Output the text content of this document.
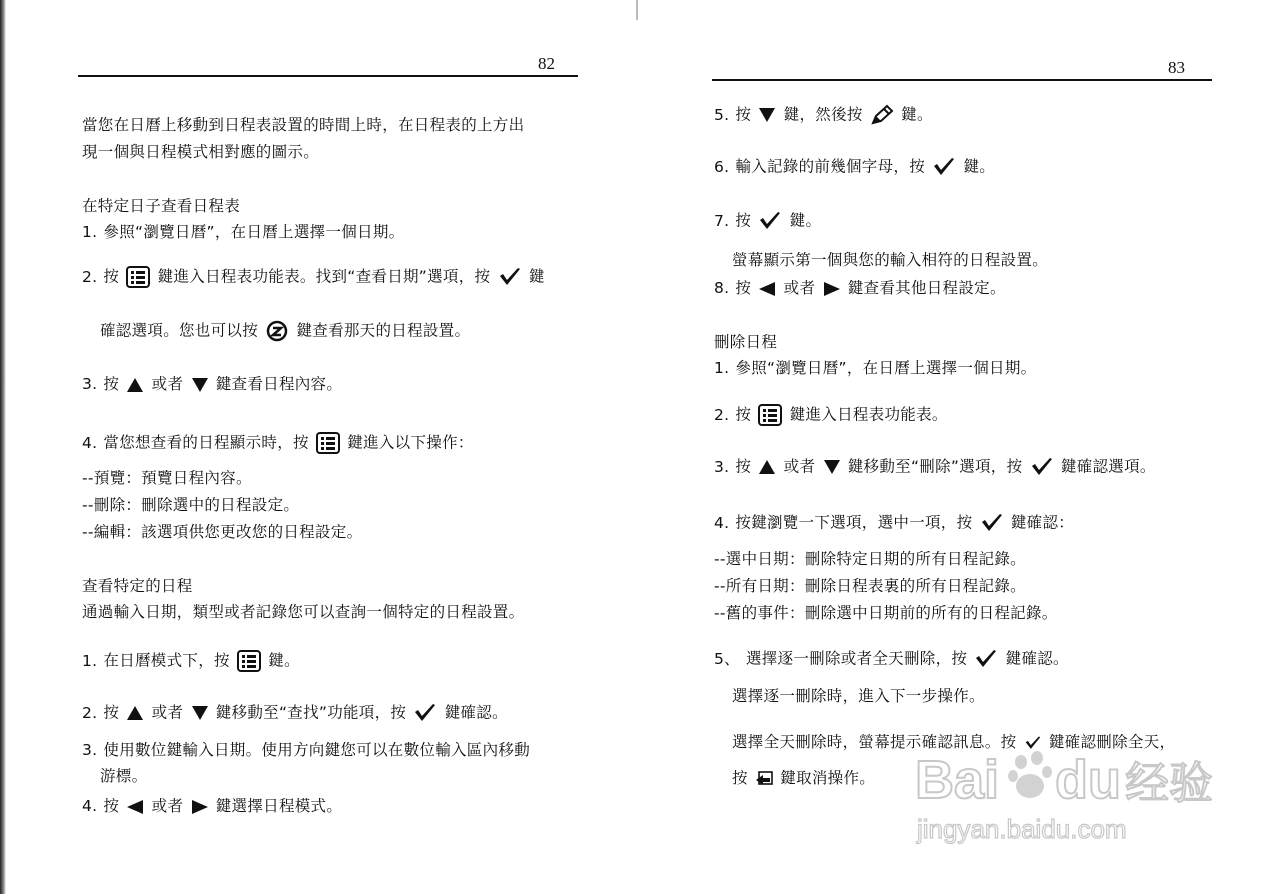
82
當您在日曆上移動到日程表設置的時間上時，在日程表的上方出
現一個與日程模式相對應的圖示。
在特定日子查看日程表
1. 參照“瀏覽日曆”，在日曆上選擇一個日期。
2. 按 鍵進入日程表功能表。找到“查看日期”選項，按 鍵
確認選項。您也可以按 鍵查看那天的日程設置。
3. 按 或者 鍵查看日程內容。
4. 當您想查看的日程顯示時，按 鍵進入以下操作：
--預覽：預覽日程內容。
--刪除：刪除選中的日程設定。
--編輯：該選項供您更改您的日程設定。
查看特定的日程
通過輸入日期，類型或者記錄您可以查詢一個特定的日程設置。
1. 在日曆模式下，按 鍵。
2. 按 或者 鍵移動至“查找”功能項，按 鍵確認。
3. 使用數位鍵輸入日期。使用方向鍵您可以在數位輸入區內移動
游標。
4. 按 或者 鍵選擇日程模式。
83
5. 按 鍵，然後按 鍵。
6. 輸入記錄的前幾個字母，按 鍵。
7. 按 鍵。
螢幕顯示第一個與您的輸入相符的日程設置。
8. 按 或者 鍵查看其他日程設定。
刪除日程
1. 參照“瀏覽日曆”，在日曆上選擇一個日期。
2. 按 鍵進入日程表功能表。
3. 按 或者 鍵移動至“刪除”選項，按 鍵確認選項。
4. 按鍵瀏覽一下選項，選中一項，按 鍵確認：
--選中日期：刪除特定日期的所有日程記錄。
--所有日期：刪除日程表裏的所有日程記錄。
--舊的事件：刪除選中日期前的所有的日程記錄。
5、 選擇逐一刪除或者全天刪除，按 鍵確認。
選擇逐一刪除時，進入下一步操作。
選擇全天刪除時，螢幕提示確認訊息。按 鍵確認刪除全天，
按 鍵取消操作。 Bai du 经验
jingyan.baidu.com
